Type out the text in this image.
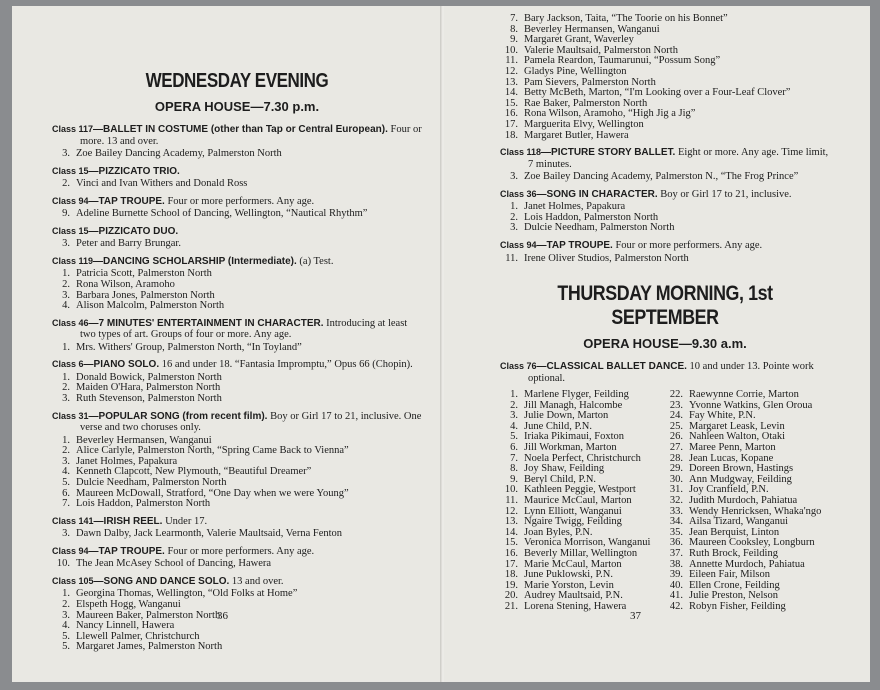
WEDNESDAY EVENING
OPERA HOUSE—7.30 p.m.

Class 117—BALLET IN COSTUME (other than Tap or Central European). Four or more. 13 and over.

3. Zoe Bailey Dancing Academy, Palmerston North

Class 15—PIZZICATO TRIO.

2. Vinci and Ivan Withers and Donald Ross

Class 94—TAP TROUPE. Four or more performers. Any age.

9. Adeline Burnette School of Dancing, Wellington, “Nautical Rhythm”

Class 15—PIZZICATO DUO.

3. Peter and Barry Brungar.

Class 119—DANCING SCHOLARSHIP (Intermediate). (a) Test.

1. Patricia Scott, Palmerston North
2. Rona Wilson, Aramoho
3. Barbara Jones, Palmerston North
4. Alison Malcolm, Palmerston North

Class 46—7 MINUTES' ENTERTAINMENT IN CHARACTER. Introducing at least two types of art. Groups of four or more. Any age.

1. Mrs. Withers' Group, Palmerston North, “In Toyland”

Class 6—PIANO SOLO. 16 and under 18. “Fantasia Impromptu,” Opus 66 (Chopin).

1. Donald Bowick, Palmerston North
2. Maiden O'Hara, Palmerston North
3. Ruth Stevenson, Palmerston North

Class 31—POPULAR SONG (from recent film). Boy or Girl 17 to 21, inclusive. One verse and two choruses only.

1. Beverley Hermansen, Wanganui
2. Alice Carlyle, Palmerston North, “Spring Came Back to Vienna”
3. Janet Holmes, Papakura
4. Kenneth Clapcott, New Plymouth, “Beautiful Dreamer”
5. Dulcie Needham, Palmerston North
6. Maureen McDowall, Stratford, “One Day when we were Young”
7. Lois Haddon, Palmerston North

Class 141—IRISH REEL. Under 17.

3. Dawn Dalby, Jack Learmonth, Valerie Maultsaid, Verna Fenton

Class 94—TAP TROUPE. Four or more performers. Any age.

10. The Jean McAsey School of Dancing, Hawera

Class 105—SONG AND DANCE SOLO. 13 and over.

1. Georgina Thomas, Wellington, “Old Folks at Home”
2. Elspeth Hogg, Wanganui
3. Maureen Baker, Palmerston North
4. Nancy Linnell, Hawera
5. Llewell Palmer, Christchurch
5. Margaret James, Palmerston North
36
7. Bary Jackson, Taita, “The Toorie on his Bonnet”
8. Beverley Hermansen, Wanganui
9. Margaret Grant, Waverley
10. Valerie Maultsaid, Palmerston North
11. Pamela Reardon, Taumarunui, “Possum Song”
12. Gladys Pine, Wellington
13. Pam Sievers, Palmerston North
14. Betty McBeth, Marton, “I'm Looking over a Four-Leaf Clover”
15. Rae Baker, Palmerston North
16. Rona Wilson, Aramoho, “High Jig a Jig”
17. Marguerita Elvy, Wellington
18. Margaret Butler, Hawera

Class 118—PICTURE STORY BALLET. Eight or more. Any age. Time limit, 7 minutes.

3. Zoe Bailey Dancing Academy, Palmerston N., “The Frog Prince”

Class 36—SONG IN CHARACTER. Boy or Girl 17 to 21, inclusive.

1. Janet Holmes, Papakura
2. Lois Haddon, Palmerston North
3. Dulcie Needham, Palmerston North

Class 94—TAP TROUPE. Four or more performers. Any age.

11. Irene Oliver Studios, Palmerston North
THURSDAY MORNING, 1st SEPTEMBER
OPERA HOUSE—9.30 a.m.

Class 76—CLASSICAL BALLET DANCE. 10 and under 13. Pointe work optional.

1. Marlene Flyger, Feilding
2. Jill Managh, Halcombe
3. Julie Down, Marton
4. June Child, P.N.
5. Iriaka Pikimaui, Foxton
6. Jill Workman, Marton
7. Noela Perfect, Christchurch
8. Joy Shaw, Feilding
9. Beryl Child, P.N.
10. Kathleen Peggie, Westport
11. Maurice McCaul, Marton
12. Lynn Elliott, Wanganui
13. Ngaire Twigg, Feilding
14. Joan Byles, P.N.
15. Veronica Morrison, Wanganui
16. Beverly Millar, Wellington
17. Marie McCaul, Marton
18. June Puklowski, P.N.
19. Marie Yorston, Levin
20. Audrey Maultsaid, P.N.
21. Lorena Stening, Hawera
22. Raewynne Corrie, Marton
23. Yvonne Watkins, Glen Oroua
24. Fay White, P.N.
25. Margaret Leask, Levin
26. Nahleen Walton, Otaki
27. Maree Penn, Marton
28. Jean Lucas, Kopane
29. Doreen Brown, Hastings
30. Ann Mudgway, Feilding
31. Joy Cranfield, P.N.
32. Judith Murdoch, Pahiatua
33. Wendy Henricksen, Whaka'ngo
34. Ailsa Tizard, Wanganui
35. Jean Berquist, Linton
36. Maureen Cooksley, Longburn
37. Ruth Brock, Feilding
38. Annette Murdoch, Pahiatua
39. Eileen Fair, Milson
40. Ellen Crone, Feilding
41. Julie Preston, Nelson
42. Robyn Fisher, Feilding
37
